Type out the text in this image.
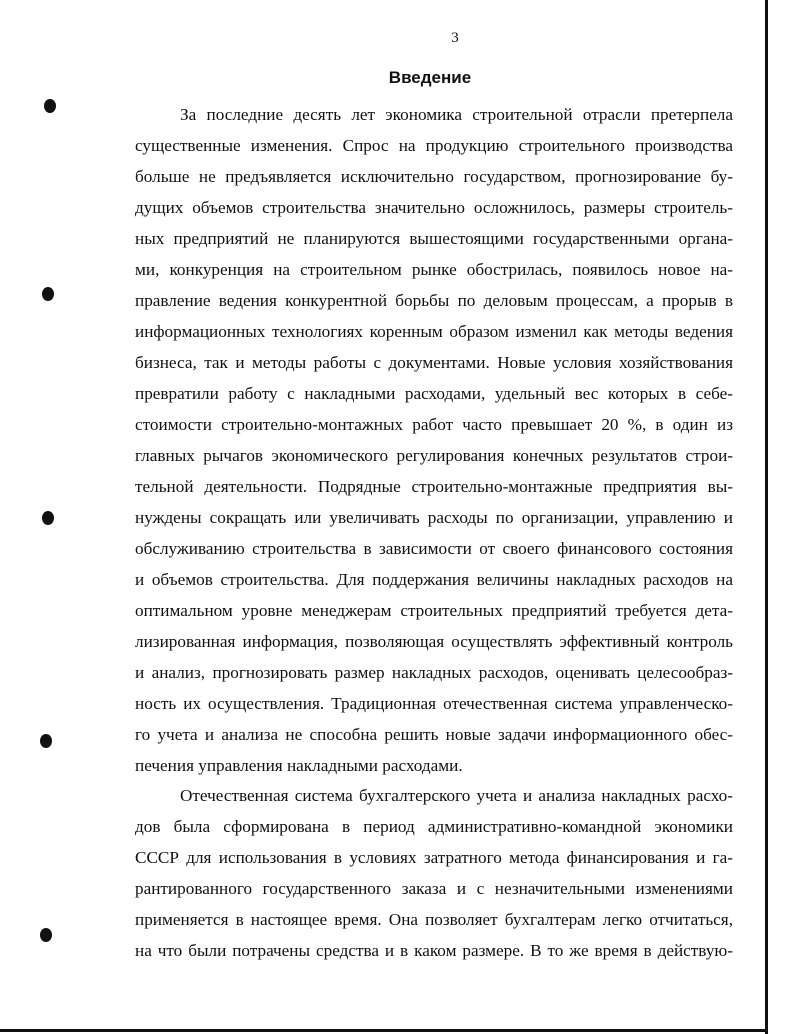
3
Введение
За последние десять лет экономика строительной отрасли претерпела
существенные изменения. Спрос на продукцию строительного производства
больше не предъявляется исключительно государством, прогнозирование бу-
дущих объемов строительства значительно осложнилось, размеры строитель-
ных предприятий не планируются вышестоящими государственными органа-
ми, конкуренция на строительном рынке обострилась, появилось новое на-
правление ведения конкурентной борьбы по деловым процессам, а прорыв в
информационных технологиях коренным образом изменил как методы ведения
бизнеса, так и методы работы с документами. Новые условия хозяйствования
превратили работу с накладными расходами, удельный вес которых в себе-
стоимости строительно-монтажных работ часто превышает 20 %, в один из
главных рычагов экономического регулирования конечных результатов строи-
тельной деятельности. Подрядные строительно-монтажные предприятия вы-
нуждены сокращать или увеличивать расходы по организации, управлению и
обслуживанию строительства в зависимости от своего финансового состояния
и объемов строительства. Для поддержания величины накладных расходов на
оптимальном уровне менеджерам строительных предприятий требуется дета-
лизированная информация, позволяющая осуществлять эффективный контроль
и анализ, прогнозировать размер накладных расходов, оценивать целесообраз-
ность их осуществления. Традиционная отечественная система управленческо-
го учета и анализа не способна решить новые задачи информационного обес-
печения управления накладными расходами.
Отечественная система бухгалтерского учета и анализа накладных расхо-
дов была сформирована в период административно-командной экономики
СССР для использования в условиях затратного метода финансирования и га-
рантированного государственного заказа и с незначительными изменениями
применяется в настоящее время. Она позволяет бухгалтерам легко отчитаться,
на что были потрачены средства и в каком размере. В то же время в действую-
